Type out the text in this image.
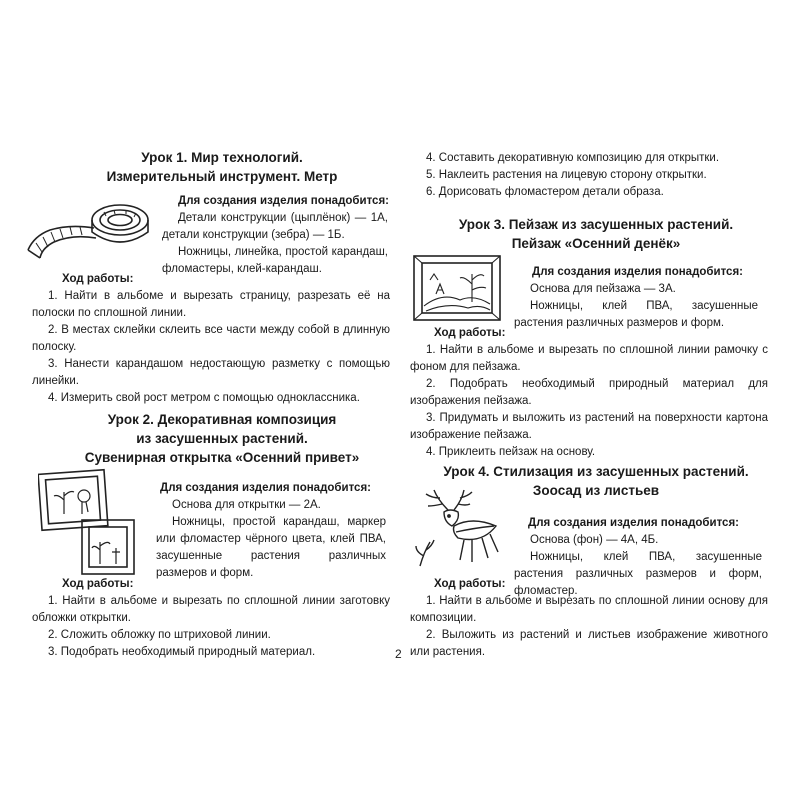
Урок 1. Мир технологий.
Измерительный инструмент. Метр
Для создания изделия понадобится:
Детали конструкции (цыплёнок) — 1А, детали конструкции (зебра) — 1Б.
Ножницы, линейка, простой карандаш, фломастеры, клей-карандаш.
Ход работы:
1. Найти в альбоме и вырезать страницу, разрезать её на полоски по сплошной линии.
2. В местах склейки склеить все части между собой в длинную полоску.
3. Нанести карандашом недостающую разметку с помощью линейки.
4. Измерить свой рост метром с помощью одноклассника.
Урок 2. Декоративная композиция
из засушенных растений.
Сувенирная открытка «Осенний привет»
Для создания изделия понадобится:
Основа для открытки — 2А.
Ножницы, простой карандаш, маркер или фломастер чёрного цвета, клей ПВА, засушенные растения различных размеров и форм.
Ход работы:
1. Найти в альбоме и вырезать по сплошной линии заготовку обложки открытки.
2. Сложить обложку по штриховой линии.
3. Подобрать необходимый природный материал.
4. Составить декоративную композицию для открытки.
5. Наклеить растения на лицевую сторону открытки.
6. Дорисовать фломастером детали образа.
Урок 3. Пейзаж из засушенных растений.
Пейзаж «Осенний денёк»
Для создания изделия понадобится:
Основа для пейзажа — 3А.
Ножницы, клей ПВА, засушенные растения различных размеров и форм.
Ход работы:
1. Найти в альбоме и вырезать по сплошной линии рамочку с фоном для пейзажа.
2. Подобрать необходимый природный материал для изображения пейзажа.
3. Придумать и выложить из растений на поверхности картона изображение пейзажа.
4. Приклеить пейзаж на основу.
Урок 4. Стилизация из засушенных растений.
Зоосад из листьев
Для создания изделия понадобится:
Основа (фон) — 4А, 4Б.
Ножницы, клей ПВА, засушенные растения различных размеров и форм, фломастер.
Ход работы:
1. Найти в альбоме и вырезать по сплошной линии основу для композиции.
2. Выложить из растений и листьев изображение животного или растения.
2
